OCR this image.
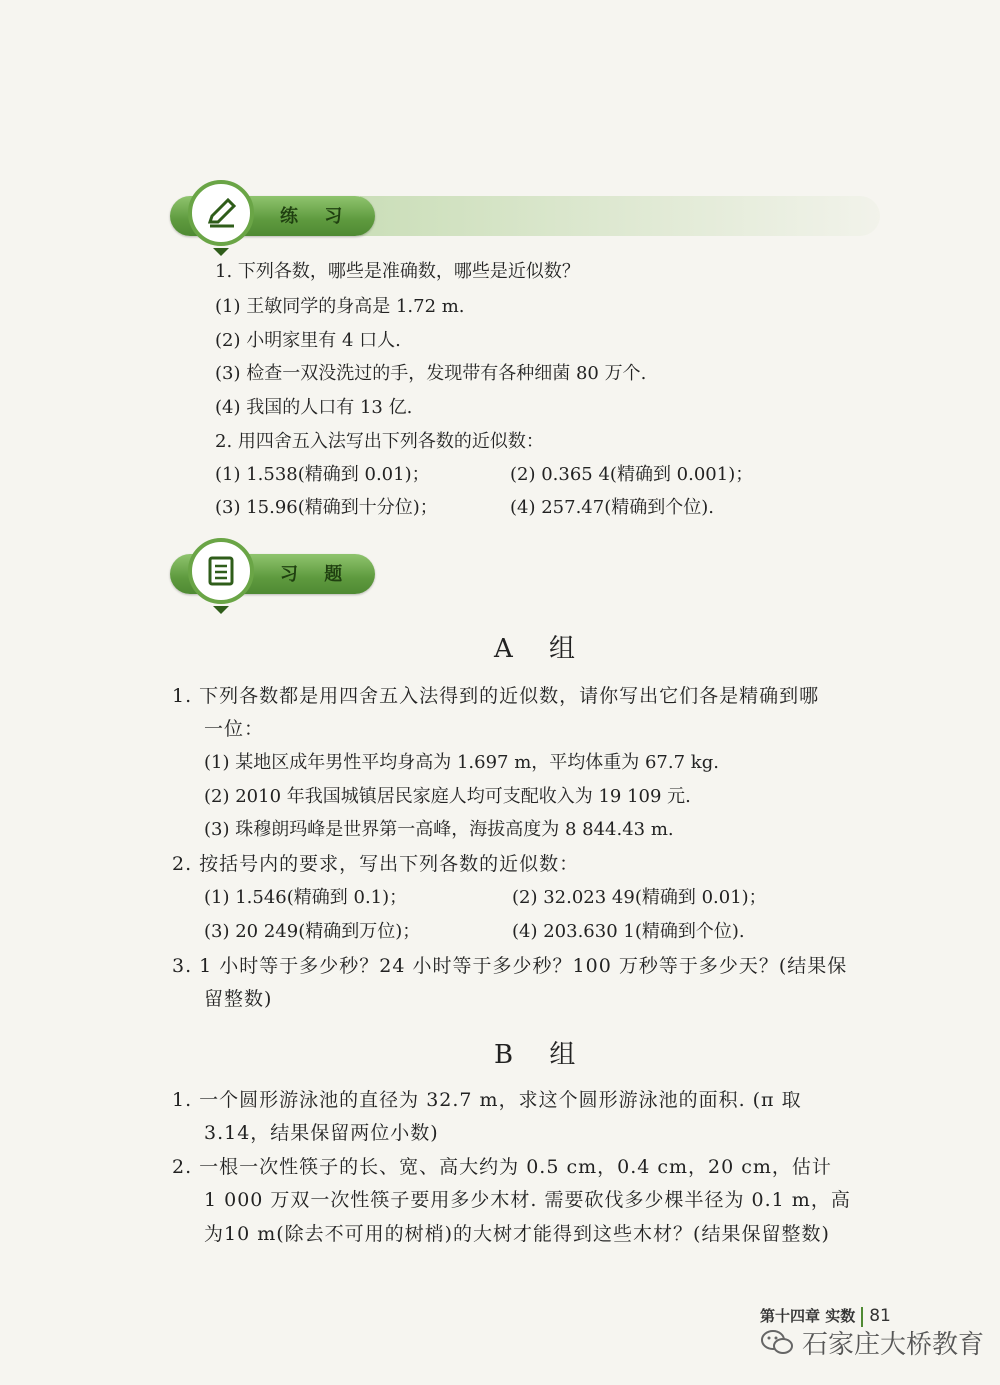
练 习
1. 下列各数，哪些是准确数，哪些是近似数？
(1) 王敏同学的身高是 1.72 m.
(2) 小明家里有 4 口人.
(3) 检查一双没洗过的手，发现带有各种细菌 80 万个.
(4) 我国的人口有 13 亿.
2. 用四舍五入法写出下列各数的近似数：
(1) 1.538(精确到 0.01)；	(2) 0.365 4(精确到 0.001)；
(3) 15.96(精确到十分位)；	(4) 257.47(精确到个位).
习 题
A 组
1. 下列各数都是用四舍五入法得到的近似数，请你写出它们各是精确到哪
一位：
(1) 某地区成年男性平均身高为 1.697 m，平均体重为 67.7 kg.
(2) 2010 年我国城镇居民家庭人均可支配收入为 19 109 元.
(3) 珠穆朗玛峰是世界第一高峰，海拔高度为 8 844.43 m.
2. 按括号内的要求，写出下列各数的近似数：
(1) 1.546(精确到 0.1)；	(2) 32.023 49(精确到 0.01)；
(3) 20 249(精确到万位)；	(4) 203.630 1(精确到个位).
3. 1 小时等于多少秒？24 小时等于多少秒？100 万秒等于多少天？(结果保
留整数)
B 组
1. 一个圆形游泳池的直径为 32.7 m，求这个圆形游泳池的面积. (π 取
3.14，结果保留两位小数)
2. 一根一次性筷子的长、宽、高大约为 0.5 cm，0.4 cm，20 cm，估计
1 000 万双一次性筷子要用多少木材. 需要砍伐多少棵半径为 0.1 m，高
为10 m(除去不可用的树梢)的大树才能得到这些木材？(结果保留整数)
第十四章 实数 81
石家庄大桥教育
